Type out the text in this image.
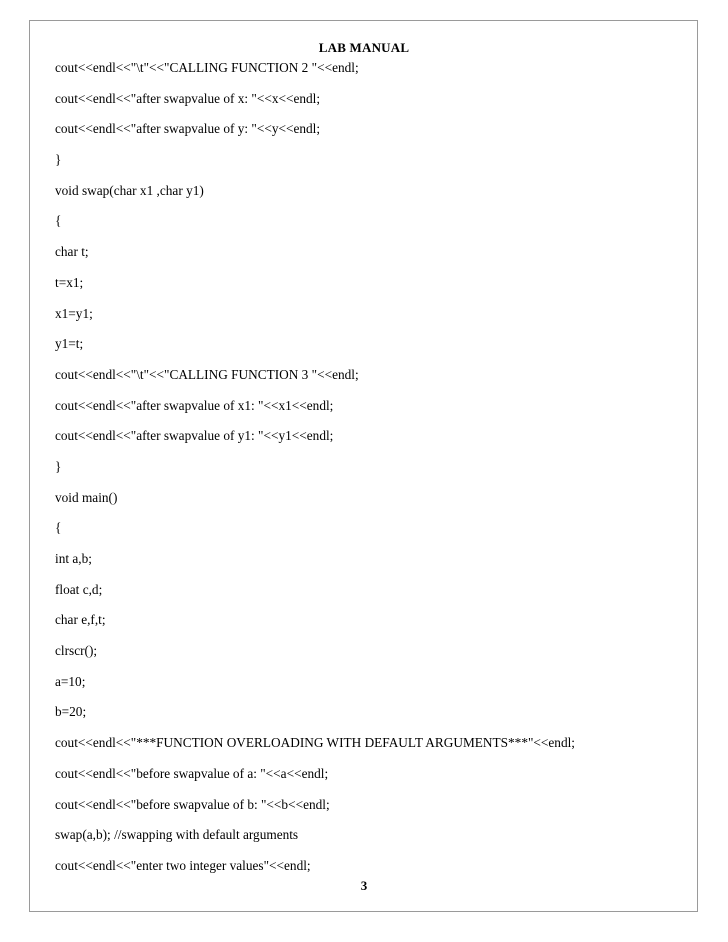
LAB MANUAL
cout<<endl<<"\t"<<"CALLING FUNCTION 2 "<<endl;
cout<<endl<<"after swapvalue of x: "<<x<<endl;
cout<<endl<<"after swapvalue of y: "<<y<<endl;
}
void swap(char x1 ,char y1)
{
char t;
t=x1;
x1=y1;
y1=t;
cout<<endl<<"\t"<<"CALLING FUNCTION 3 "<<endl;
cout<<endl<<"after swapvalue of x1: "<<x1<<endl;
cout<<endl<<"after swapvalue of y1: "<<y1<<endl;
}
void main()
{
int a,b;
float c,d;
char e,f,t;
clrscr();
a=10;
b=20;
cout<<endl<<"***FUNCTION OVERLOADING WITH DEFAULT ARGUMENTS***"<<endl;
cout<<endl<<"before swapvalue of a: "<<a<<endl;
cout<<endl<<"before swapvalue of b: "<<b<<endl;
swap(a,b); //swapping with default arguments
cout<<endl<<"enter two integer values"<<endl;
3
